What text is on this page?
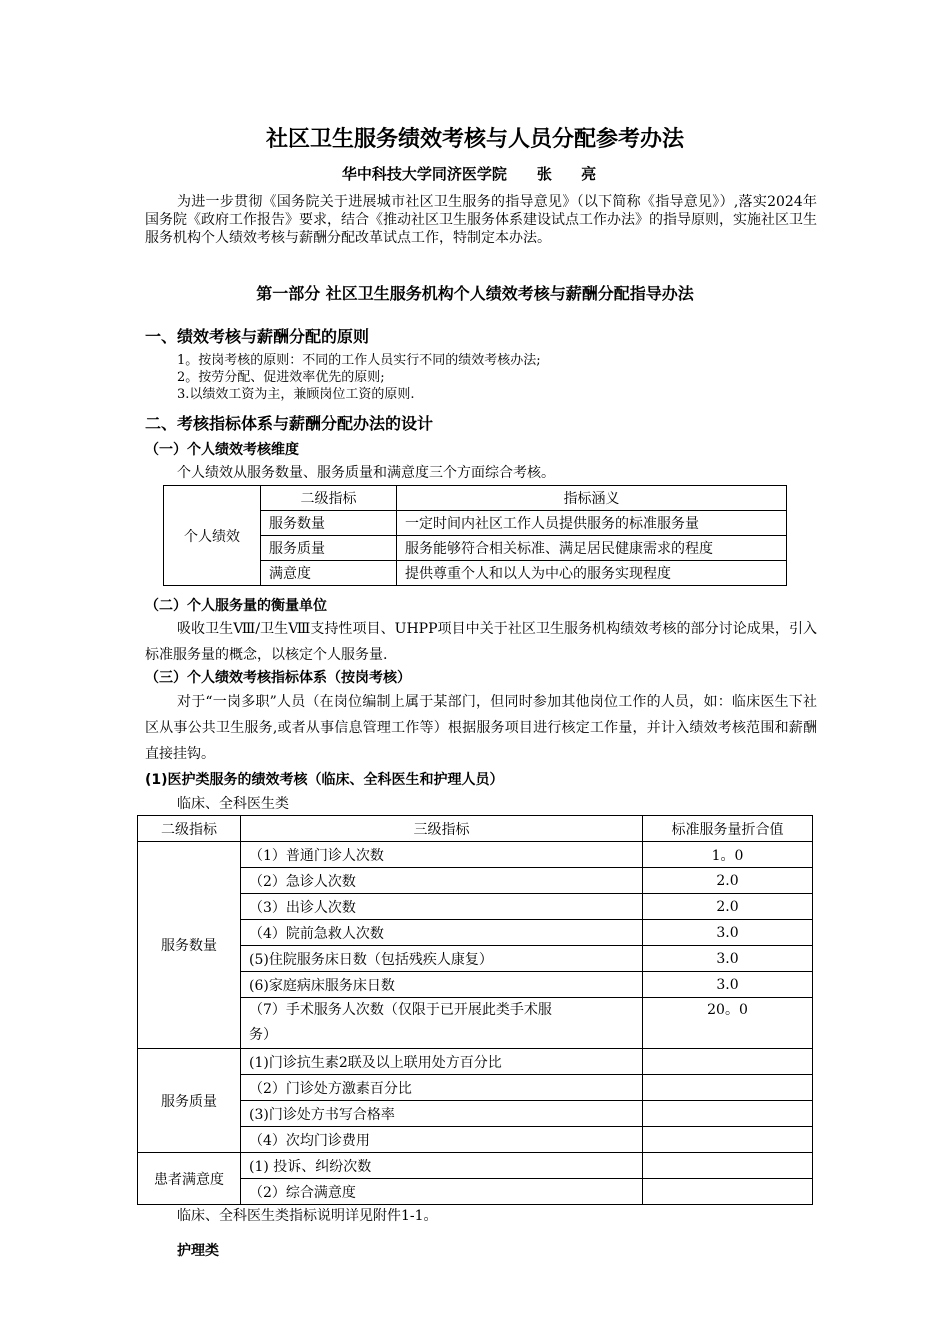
社区卫生服务绩效考核与人员分配参考办法
华中科技大学同济医学院 张 亮
为进一步贯彻《国务院关于进展城市社区卫生服务的指导意见》（以下简称《指导意见》）,落实2024年国务院《政府工作报告》要求，结合《推动社区卫生服务体系建设试点工作办法》的指导原则，实施社区卫生服务机构个人绩效考核与薪酬分配改革试点工作，特制定本办法。
第一部分 社区卫生服务机构个人绩效考核与薪酬分配指导办法
一、绩效考核与薪酬分配的原则
1。按岗考核的原则：不同的工作人员实行不同的绩效考核办法;
2。按劳分配、促进效率优先的原则;
3.以绩效工资为主，兼顾岗位工资的原则.
二、考核指标体系与薪酬分配办法的设计
（一）个人绩效考核维度
个人绩效从服务数量、服务质量和满意度三个方面综合考核。
个人绩效	二级指标	指标涵义
	服务数量	一定时间内社区工作人员提供服务的标准服务量
	服务质量	服务能够符合相关标准、满足居民健康需求的程度
	满意度	提供尊重个人和以人为中心的服务实现程度
（二）个人服务量的衡量单位
吸收卫生Ⅷ/卫生Ⅷ支持性项目、UHPP项目中关于社区卫生服务机构绩效考核的部分讨论成果，引入标准服务量的概念，以核定个人服务量.
（三）个人绩效考核指标体系（按岗考核）
对于“一岗多职”人员（在岗位编制上属于某部门，但同时参加其他岗位工作的人员，如：临床医生下社区从事公共卫生服务,或者从事信息管理工作等）根据服务项目进行核定工作量，并计入绩效考核范围和薪酬直接挂钩。
(1)医护类服务的绩效考核（临床、全科医生和护理人员）
临床、全科医生类
二级指标	三级指标	标准服务量折合值
服务数量	（1）普通门诊人次数	1。0
	（2）急诊人次数	2.0
	（3）出诊人次数	2.0
	（4）院前急救人次数	3.0
	(5)住院服务床日数（包括残疾人康复）	3.0
	(6)家庭病床服务床日数	3.0
	（7）手术服务人次数（仅限于已开展此类手术服
务）	20。0
服务质量	(1)门诊抗生素2联及以上联用处方百分比	
	（2）门诊处方激素百分比	
	(3)门诊处方书写合格率	
	（4）次均门诊费用	
患者满意度	(1) 投诉、纠纷次数	
	（2）综合满意度	
临床、全科医生类指标说明详见附件1-1。
护理类
